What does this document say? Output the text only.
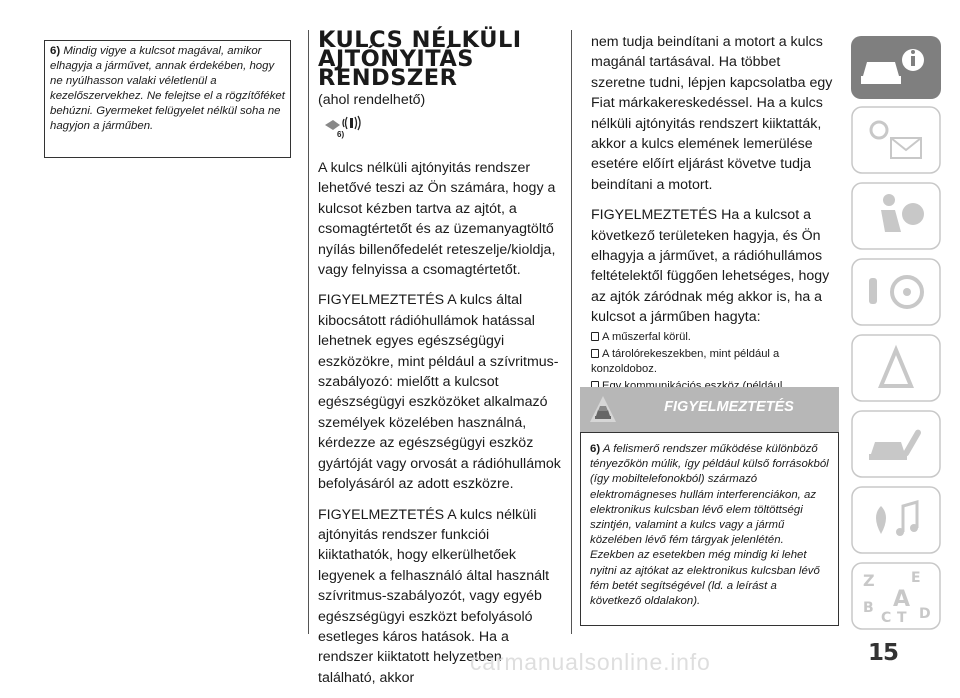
6) Mindig vigye a kulcsot magával, amikor elhagyja a járművet, annak érdekében, hogy ne nyúlhasson valaki véletlenül a kezelőszervekhez. Ne felejtse el a rögzítőféket behúzni. Gyermeket felügyelet nélkül soha ne hagyjon a járműben.
KULCS NÉLKÜLI
AJTÓNYITÁS
RENDSZER
(ahol rendelhető)
6)

A kulcs nélküli ajtónyitás rendszer lehetővé teszi az Ön számára, hogy a kulcsot kézben tartva az ajtót, a csomagtértetőt és az üzemanyagtöltő nyílás billenőfedelét reteszelje/kioldja, vagy felnyissa a csomagtértetőt.

FIGYELMEZTETÉS A kulcs által kibocsátott rádióhullámok hatással lehetnek egyes egészségügyi eszközökre, mint például a szívritmus-szabályozó: mielőtt a kulcsot egészségügyi eszközöket alkalmazó személyek közelében használná, kérdezze az egészségügyi eszköz gyártóját vagy orvosát a rádióhullámok befolyásáról az adott eszközre.

FIGYELMEZTETÉS A kulcs nélküli ajtónyitás rendszer funkciói kiiktathatók, hogy elkerülhetőek legyenek a felhasználó által használt szívritmus-szabályozót, vagy egyéb egészségügyi eszközt befolyásoló esetleges káros hatások. Ha a rendszer kiiktatott helyzetben található, akkor

nem tudja beindítani a motort a kulcs magánál tartásával. Ha többet szeretne tudni, lépjen kapcsolatba egy Fiat márkakereskedéssel. Ha a kulcs nélküli ajtónyitás rendszert kiiktatták, akkor a kulcs elemének lemerülése esetére előírt eljárást követve tudja beindítani a motort.

FIGYELMEZTETÉS Ha a kulcsot a következő területeken hagyja, és Ön elhagyja a járművet, a rádióhullámos feltételektől függően lehetséges, hogy az ajtók záródnak még akkor is, ha a kulcsot a járműben hagyta:

A műszerfal körül.
A tárolórekeszekben, mint például a konzoldoboz.
FIGYELMEZTETÉS
6) A felismerő rendszer működése különböző tényezőkön múlik, így például külső forrásokból (így mobiltelefonokból) származó elektromágneses hullám interferenciákon, az elektronikus kulcsban lévő elem töltöttségi szintjén, valamint a kulcs vagy a jármű közelében lévő fém tárgyak jelenlétén. Ezekben az esetekben még mindig ki lehet nyitni az ajtókat az elektronikus kulcsban lévő fém betét segítségével (ld. a leírást a következő oldalakon).
Z	E
B
C T D
A
15
carmanualsonline.info
